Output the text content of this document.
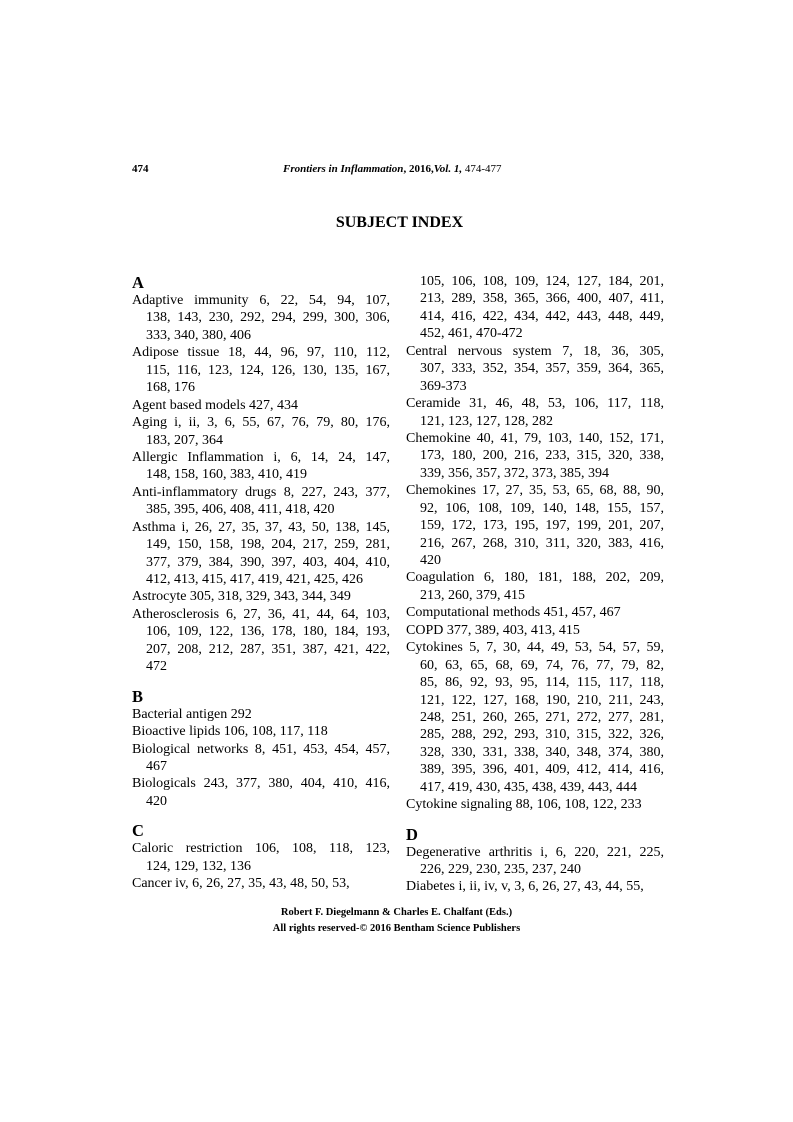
474	Frontiers in Inflammation, 2016,Vol. 1, 474-477
SUBJECT INDEX
A
Adaptive immunity 6, 22, 54, 94, 107,
138, 143, 230, 292, 294, 299, 300, 306,
333, 340, 380, 406
Adipose tissue 18, 44, 96, 97, 110, 112,
115, 116, 123, 124, 126, 130, 135, 167,
168, 176
Agent based models 427, 434
Aging i, ii, 3, 6, 55, 67, 76, 79, 80, 176,
183, 207, 364
Allergic Inflammation i, 6, 14, 24, 147,
148, 158, 160, 383, 410, 419
Anti-inflammatory drugs 8, 227, 243, 377,
385, 395, 406, 408, 411, 418, 420
Asthma i, 26, 27, 35, 37, 43, 50, 138, 145,
149, 150, 158, 198, 204, 217, 259, 281,
377, 379, 384, 390, 397, 403, 404, 410,
412, 413, 415, 417, 419, 421, 425, 426
Astrocyte 305, 318, 329, 343, 344, 349
Atherosclerosis 6, 27, 36, 41, 44, 64, 103,
106, 109, 122, 136, 178, 180, 184, 193,
207, 208, 212, 287, 351, 387, 421, 422,
472
B
Bacterial antigen 292
Bioactive lipids 106, 108, 117, 118
Biological networks 8, 451, 453, 454, 457,
467
Biologicals 243, 377, 380, 404, 410, 416,
420
C
Caloric restriction 106, 108, 118, 123,
124, 129, 132, 136
Cancer iv, 6, 26, 27, 35, 43, 48, 50, 53,
105, 106, 108, 109, 124, 127, 184, 201,
213, 289, 358, 365, 366, 400, 407, 411,
414, 416, 422, 434, 442, 443, 448, 449,
452, 461, 470-472
Central nervous system 7, 18, 36, 305,
307, 333, 352, 354, 357, 359, 364, 365,
369-373
Ceramide 31, 46, 48, 53, 106, 117, 118,
121, 123, 127, 128, 282
Chemokine 40, 41, 79, 103, 140, 152, 171,
173, 180, 200, 216, 233, 315, 320, 338,
339, 356, 357, 372, 373, 385, 394
Chemokines 17, 27, 35, 53, 65, 68, 88, 90,
92, 106, 108, 109, 140, 148, 155, 157,
159, 172, 173, 195, 197, 199, 201, 207,
216, 267, 268, 310, 311, 320, 383, 416,
420
Coagulation 6, 180, 181, 188, 202, 209,
213, 260, 379, 415
Computational methods 451, 457, 467
COPD 377, 389, 403, 413, 415
Cytokines 5, 7, 30, 44, 49, 53, 54, 57, 59,
60, 63, 65, 68, 69, 74, 76, 77, 79, 82,
85, 86, 92, 93, 95, 114, 115, 117, 118,
121, 122, 127, 168, 190, 210, 211, 243,
248, 251, 260, 265, 271, 272, 277, 281,
285, 288, 292, 293, 310, 315, 322, 326,
328, 330, 331, 338, 340, 348, 374, 380,
389, 395, 396, 401, 409, 412, 414, 416,
417, 419, 430, 435, 438, 439, 443, 444
Cytokine signaling 88, 106, 108, 122, 233
D
Degenerative arthritis i, 6, 220, 221, 225,
226, 229, 230, 235, 237, 240
Diabetes i, ii, iv, v, 3, 6, 26, 27, 43, 44, 55,
Robert F. Diegelmann & Charles E. Chalfant (Eds.)
All rights reserved-© 2016 Bentham Science Publishers
